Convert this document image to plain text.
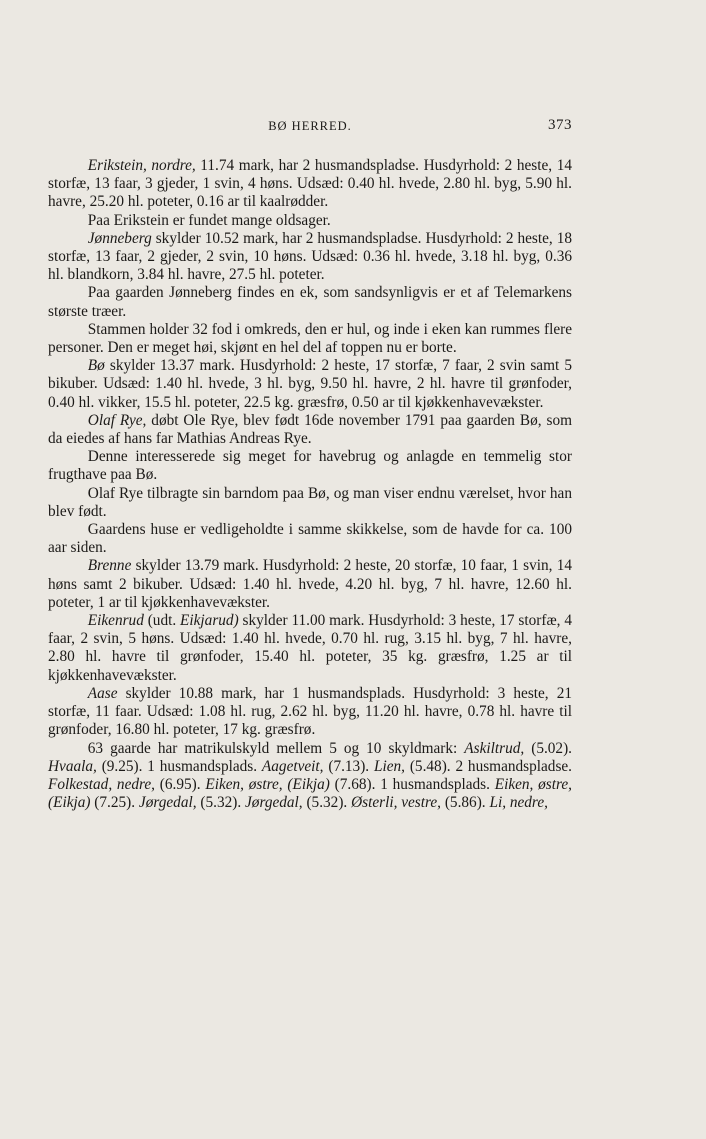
BØ HERRED.	373

Erikstein, nordre, 11.74 mark, har 2 husmandspladse. Husdyrhold: 2 heste, 14 storfæ, 13 faar, 3 gjeder, 1 svin, 4 høns. Udsæd: 0.40 hl. hvede, 2.80 hl. byg, 5.90 hl. havre, 25.20 hl. poteter, 0.16 ar til kaalrødder.

Paa Erikstein er fundet mange oldsager.

Jønneberg skylder 10.52 mark, har 2 husmandspladse. Husdyrhold: 2 heste, 18 storfæ, 13 faar, 2 gjeder, 2 svin, 10 høns. Udsæd: 0.36 hl. hvede, 3.18 hl. byg, 0.36 hl. blandkorn, 3.84 hl. havre, 27.5 hl. poteter.

Paa gaarden Jønneberg findes en ek, som sandsynligvis er et af Telemarkens største træer.

Stammen holder 32 fod i omkreds, den er hul, og inde i eken kan rummes flere personer. Den er meget høi, skjønt en hel del af toppen nu er borte.

Bø skylder 13.37 mark. Husdyrhold: 2 heste, 17 storfæ, 7 faar, 2 svin samt 5 bikuber. Udsæd: 1.40 hl. hvede, 3 hl. byg, 9.50 hl. havre, 2 hl. havre til grønfoder, 0.40 hl. vikker, 15.5 hl. poteter, 22.5 kg. græsfrø, 0.50 ar til kjøkkenhavevækster.

Olaf Rye, døbt Ole Rye, blev født 16de november 1791 paa gaarden Bø, som da eiedes af hans far Mathias Andreas Rye.

Denne interesserede sig meget for havebrug og anlagde en temmelig stor frugthave paa Bø.

Olaf Rye tilbragte sin barndom paa Bø, og man viser endnu værelset, hvor han blev født.

Gaardens huse er vedligeholdte i samme skikkelse, som de havde for ca. 100 aar siden.

Brenne skylder 13.79 mark. Husdyrhold: 2 heste, 20 storfæ, 10 faar, 1 svin, 14 høns samt 2 bikuber. Udsæd: 1.40 hl. hvede, 4.20 hl. byg, 7 hl. havre, 12.60 hl. poteter, 1 ar til kjøkkenhavevækster.

Eikenrud (udt. Eikjarud) skylder 11.00 mark. Husdyrhold: 3 heste, 17 storfæ, 4 faar, 2 svin, 5 høns. Udsæd: 1.40 hl. hvede, 0.70 hl. rug, 3.15 hl. byg, 7 hl. havre, 2.80 hl. havre til grønfoder, 15.40 hl. poteter, 35 kg. græsfrø, 1.25 ar til kjøkkenhavevækster.

Aase skylder 10.88 mark, har 1 husmandsplads. Husdyrhold: 3 heste, 21 storfæ, 11 faar. Udsæd: 1.08 hl. rug, 2.62 hl. byg, 11.20 hl. havre, 0.78 hl. havre til grønfoder, 16.80 hl. poteter, 17 kg. græsfrø.

63 gaarde har matrikulskyld mellem 5 og 10 skyldmark: Askiltrud, (5.02). Hvaala, (9.25). 1 husmandsplads. Aagetveit, (7.13). Lien, (5.48). 2 husmandspladse. Folkestad, nedre, (6.95). Eiken, østre, (Eikja) (7.68). 1 husmandsplads. Eiken, østre, (Eikja) (7.25). Jørgedal, (5.32). Jørgedal, (5.32). Østerli, vestre, (5.86). Li, nedre,
